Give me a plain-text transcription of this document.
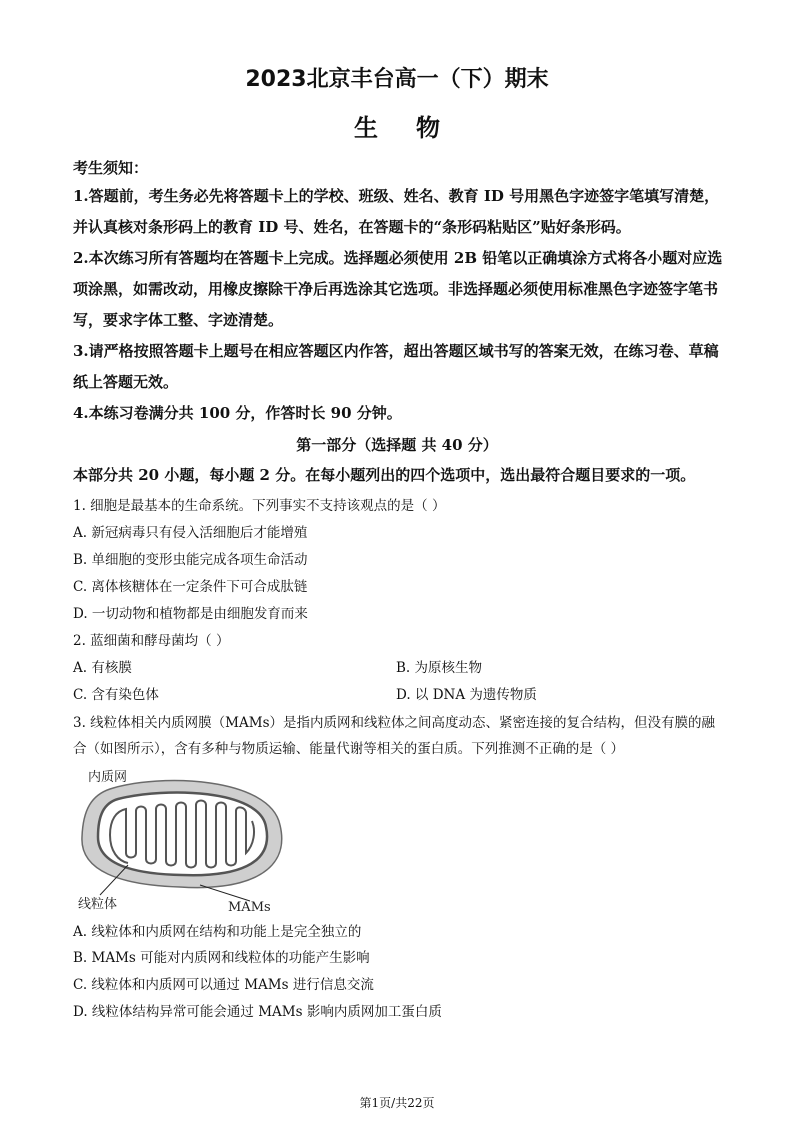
2023北京丰台高一（下）期末
生物
考生须知：

1.答题前，考生务必先将答题卡上的学校、班级、姓名、教育 ID 号用黑色字迹签字笔填写清楚，并认真核对条形码上的教育 ID 号、姓名，在答题卡的“条形码粘贴区”贴好条形码。

2.本次练习所有答题均在答题卡上完成。选择题必须使用 2B 铅笔以正确填涂方式将各小题对应选项涂黑，如需改动，用橡皮擦除干净后再选涂其它选项。非选择题必须使用标准黑色字迹签字笔书写，要求字体工整、字迹清楚。

3.请严格按照答题卡上题号在相应答题区内作答，超出答题区域书写的答案无效，在练习卷、草稿纸上答题无效。

4.本练习卷满分共 100 分，作答时长 90 分钟。

第一部分（选择题 共 40 分）
本部分共 20 小题，每小题 2 分。在每小题列出的四个选项中，选出最符合题目要求的一项。
1. 细胞是最基本的生命系统。下列事实不支持该观点的是（ ）
A. 新冠病毒只有侵入活细胞后才能增殖
B. 单细胞的变形虫能完成各项生命活动
C. 离体核糖体在一定条件下可合成肽链
D. 一切动物和植物都是由细胞发育而来
2. 蓝细菌和酵母菌均（ ）
A. 有核膜	B. 为原核生物
C. 含有染色体	D. 以 DNA 为遗传物质
3. 线粒体相关内质网膜（MAMs）是指内质网和线粒体之间高度动态、紧密连接的复合结构，但没有膜的融合（如图所示），含有多种与物质运输、能量代谢等相关的蛋白质。下列推测不正确的是（ ）
内质网
线粒体	MAMs
A. 线粒体和内质网在结构和功能上是完全独立的
B. MAMs 可能对内质网和线粒体的功能产生影响
C. 线粒体和内质网可以通过 MAMs 进行信息交流
D. 线粒体结构异常可能会通过 MAMs 影响内质网加工蛋白质
第1页/共22页
